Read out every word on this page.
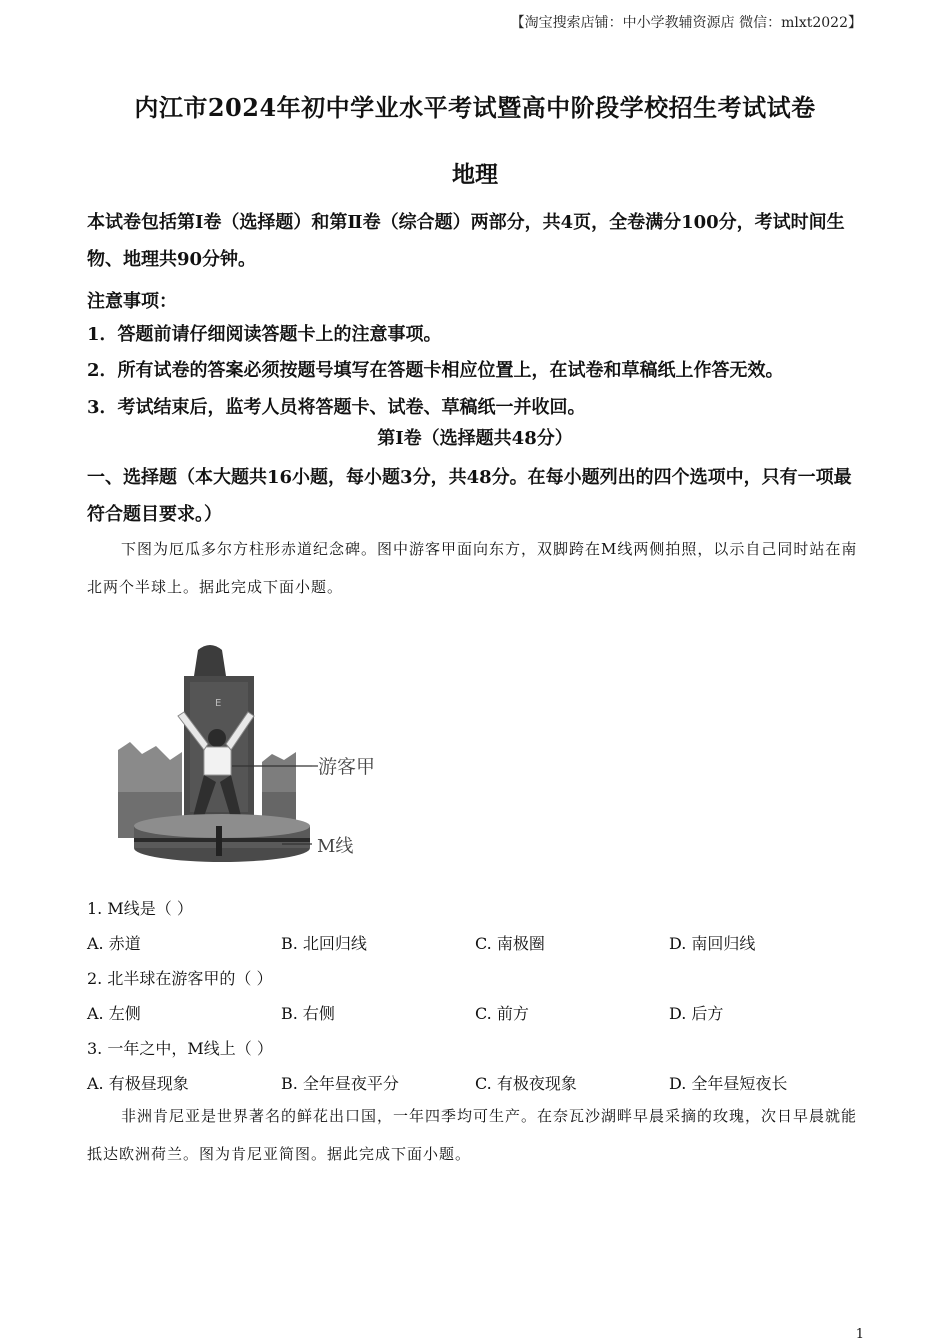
【淘宝搜索店铺：中小学教辅资源店 微信：mlxt2022】
内江市2024年初中学业水平考试暨高中阶段学校招生考试试卷
地理
本试卷包括第Ⅰ卷（选择题）和第Ⅱ卷（综合题）两部分，共4页，全卷满分100分，考试时间生物、地理共90分钟。
注意事项：
1．答题前请仔细阅读答题卡上的注意事项。
2．所有试卷的答案必须按题号填写在答题卡相应位置上，在试卷和草稿纸上作答无效。
3．考试结束后，监考人员将答题卡、试卷、草稿纸一并收回。
第Ⅰ卷（选择题共48分）
一、选择题（本大题共16小题，每小题3分，共48分。在每小题列出的四个选项中，只有一项最符合题目要求。）
下图为厄瓜多尔方柱形赤道纪念碑。图中游客甲面向东方，双脚跨在M线两侧拍照，以示自己同时站在南北两个半球上。据此完成下面小题。
E
游客甲
M线
1. M线是（ ）
A. 赤道	B. 北回归线	C. 南极圈	D. 南回归线
2. 北半球在游客甲的（ ）
A. 左侧	B. 右侧	C. 前方	D. 后方
3. 一年之中，M线上（ ）
A. 有极昼现象	B. 全年昼夜平分	C. 有极夜现象	D. 全年昼短夜长
非洲肯尼亚是世界著名的鲜花出口国，一年四季均可生产。在奈瓦沙湖畔早晨采摘的玫瑰，次日早晨就能抵达欧洲荷兰。图为肯尼亚简图。据此完成下面小题。
1
